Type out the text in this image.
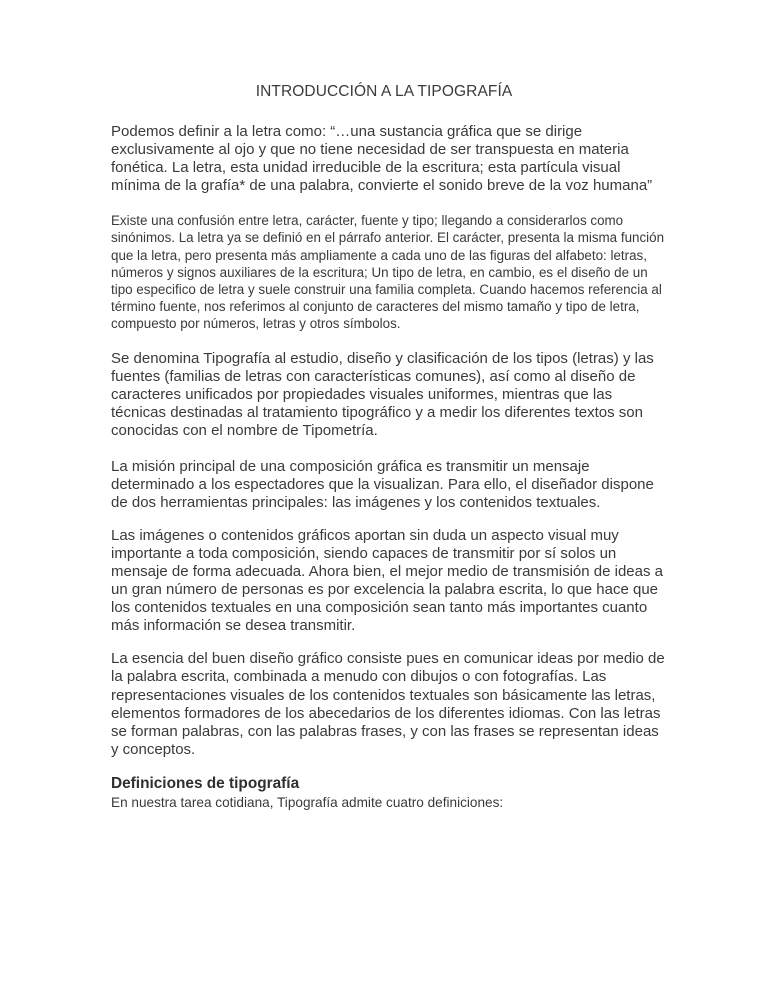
INTRODUCCIÓN A LA TIPOGRAFÍA

Podemos definir a la letra como: “…una sustancia gráfica que se dirige exclusivamente al ojo y que no tiene necesidad de ser transpuesta en materia fonética. La letra, esta unidad irreducible de la escritura; esta partícula visual mínima de la grafía* de una palabra, convierte el sonido breve de la voz humana”

Existe una confusión entre letra, carácter, fuente y tipo; llegando a considerarlos como sinónimos. La letra ya se definió en el párrafo anterior. El carácter, presenta la misma función que la letra, pero presenta más ampliamente a cada uno de las figuras del alfabeto: letras, números y signos auxiliares de la escritura; Un tipo de letra, en cambio, es el diseño de un tipo especifico de letra y suele construir una familia completa. Cuando hacemos referencia al término fuente, nos referimos al conjunto de caracteres del mismo tamaño y tipo de letra, compuesto por números, letras y otros símbolos.

Se denomina Tipografía al estudio, diseño y clasificación de los tipos (letras) y las fuentes (familias de letras con características comunes), así como al diseño de caracteres unificados por propiedades visuales uniformes, mientras que las técnicas destinadas al tratamiento tipográfico y a medir los diferentes textos son conocidas con el nombre de Tipometría.

La misión principal de una composición gráfica es transmitir un mensaje determinado a los espectadores que la visualizan. Para ello, el diseñador dispone de dos herramientas principales: las imágenes y los contenidos textuales.

Las imágenes o contenidos gráficos aportan sin duda un aspecto visual muy importante a toda composición, siendo capaces de transmitir por sí solos un mensaje de forma adecuada. Ahora bien, el mejor medio de transmisión de ideas a un gran número de personas es por excelencia la palabra escrita, lo que hace que los contenidos textuales en una composición sean tanto más importantes cuanto más información se desea transmitir.

La esencia del buen diseño gráfico consiste pues en comunicar ideas por medio de la palabra escrita, combinada a menudo con dibujos o con fotografías. Las representaciones visuales de los contenidos textuales son básicamente las letras, elementos formadores de los abecedarios de los diferentes idiomas. Con las letras se forman palabras, con las palabras frases, y con las frases se representan ideas y conceptos.

Definiciones de tipografía

En nuestra tarea cotidiana, Tipografía admite cuatro definiciones:
